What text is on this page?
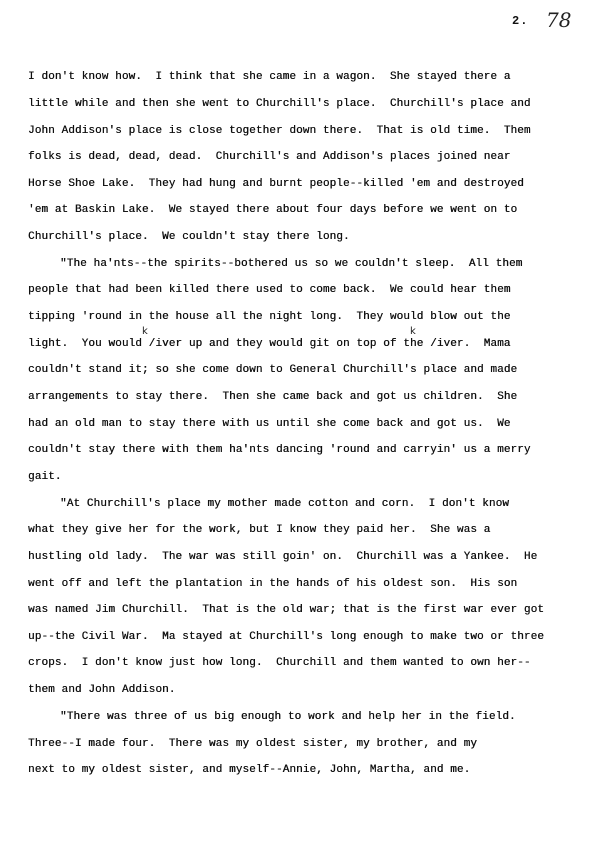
2. 78
I don't know how.  I think that she came in a wagon.  She stayed there a
little while and then she went to Churchill's place.  Churchill's place and
John Addison's place is close together down there.  That is old time.  Them
folks is dead, dead, dead.  Churchill's and Addison's places joined near
Horse Shoe Lake.  They had hung and burnt people--killed 'em and destroyed
'em at Baskin Lake.  We stayed there about four days before we went on to
Churchill's place.  We couldn't stay there long.
"The ha'nts--the spirits--bothered us so we couldn't sleep.  All them
people that had been killed there used to come back.  We could hear them
tipping 'round in the house all the night long.  They would blow out the
light.  You would /iver up and they would git on top of the /iver.  Mama
couldn't stand it; so she come down to General Churchill's place and made
arrangements to stay there.  Then she came back and got us children.  She
had an old man to stay there with us until she come back and got us.  We
couldn't stay there with them ha'nts dancing 'round and carryin' us a merry
gait.
"At Churchill's place my mother made cotton and corn.  I don't know
what they give her for the work, but I know they paid her.  She was a
hustling old lady.  The war was still goin' on.  Churchill was a Yankee.  He
went off and left the plantation in the hands of his oldest son.  His son
was named Jim Churchill.  That is the old war; that is the first war ever got
up--the Civil War.  Ma stayed at Churchill's long enough to make two or three
crops.  I don't know just how long.  Churchill and them wanted to own her--
them and John Addison.
"There was three of us big enough to work and help her in the field.
Three--I made four.  There was my oldest sister, my brother, and my
next to my oldest sister, and myself--Annie, John, Martha, and me.
k	k
